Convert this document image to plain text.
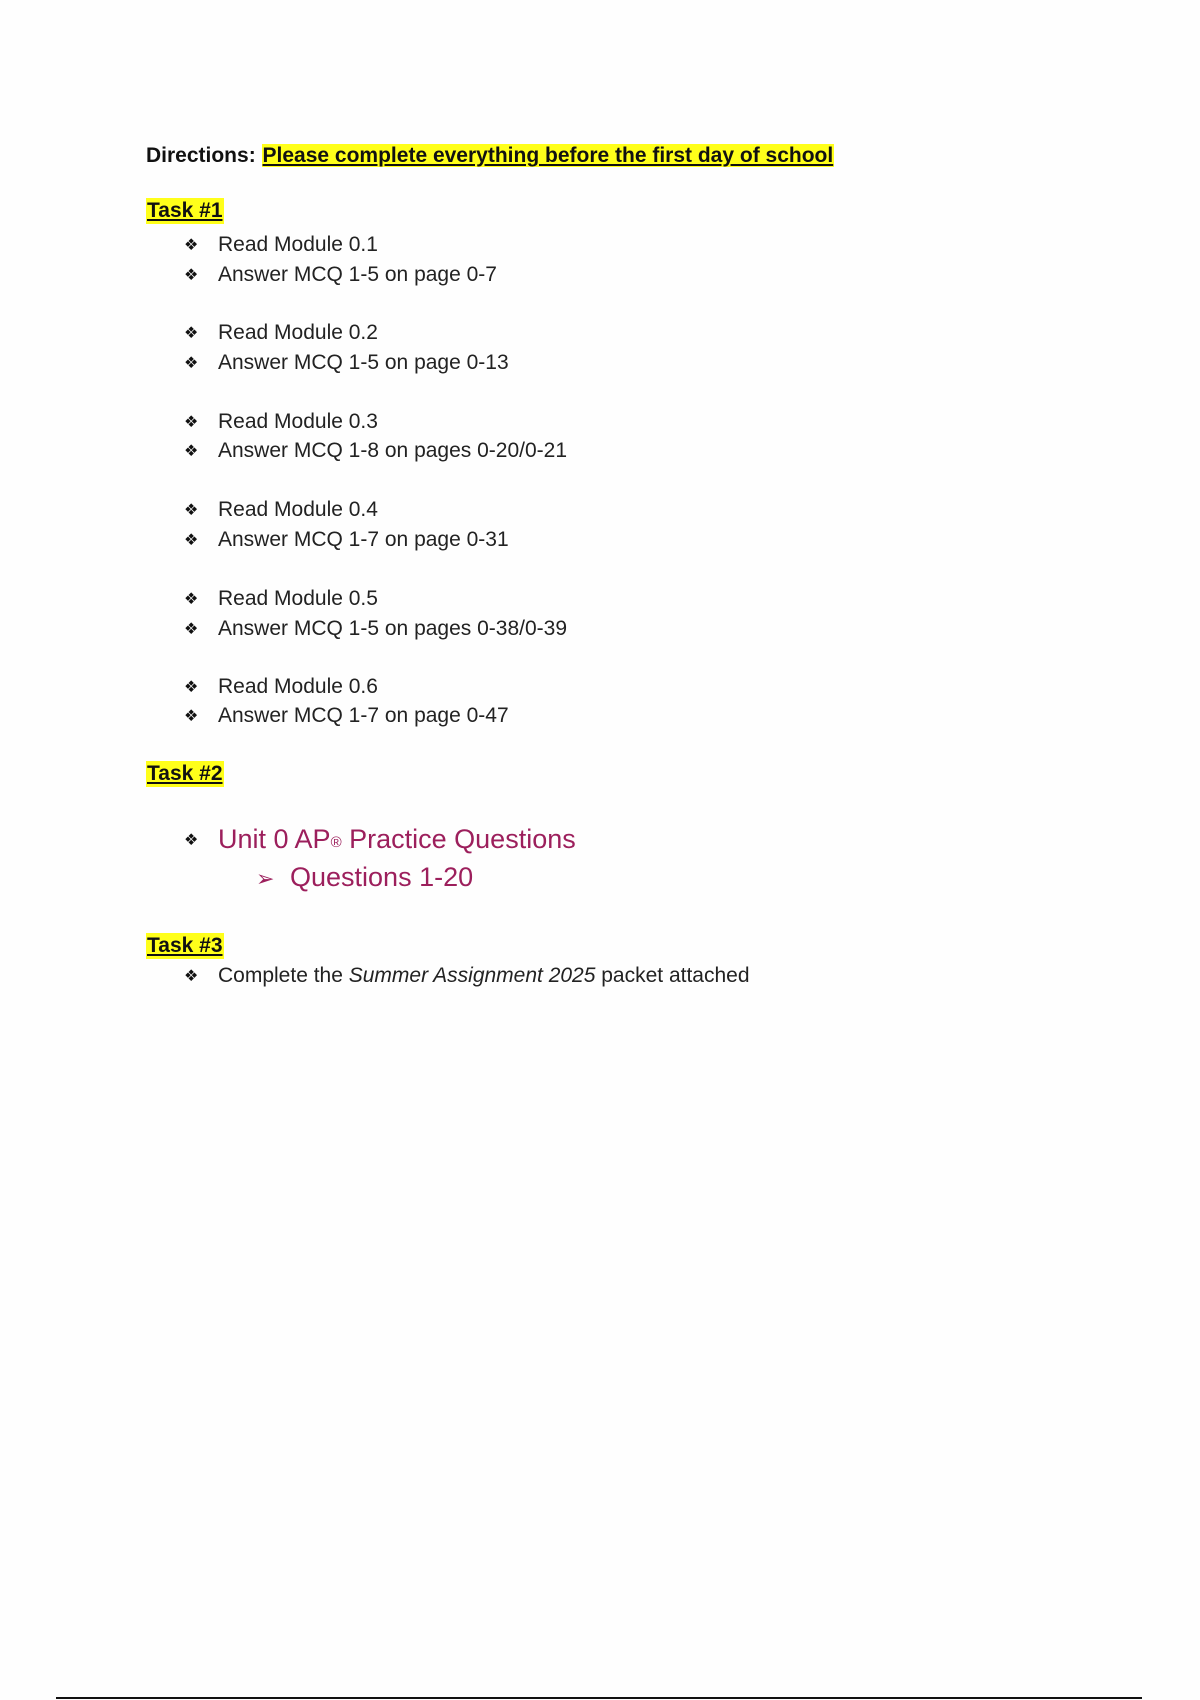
Directions: Please complete everything before the first day of school
Task #1
❖ Read Module 0.1
❖ Answer MCQ 1-5 on page 0-7
❖ Read Module 0.2
❖ Answer MCQ 1-5 on page 0-13
❖ Read Module 0.3
❖ Answer MCQ 1-8 on pages 0-20/0-21
❖ Read Module 0.4
❖ Answer MCQ 1-7 on page 0-31
❖ Read Module 0.5
❖ Answer MCQ 1-5 on pages 0-38/0-39
❖ Read Module 0.6
❖ Answer MCQ 1-7 on page 0-47
Task #2
❖ Unit 0 AP® Practice Questions
➢ Questions 1-20
Task #3
❖ Complete the Summer Assignment 2025 packet attached
